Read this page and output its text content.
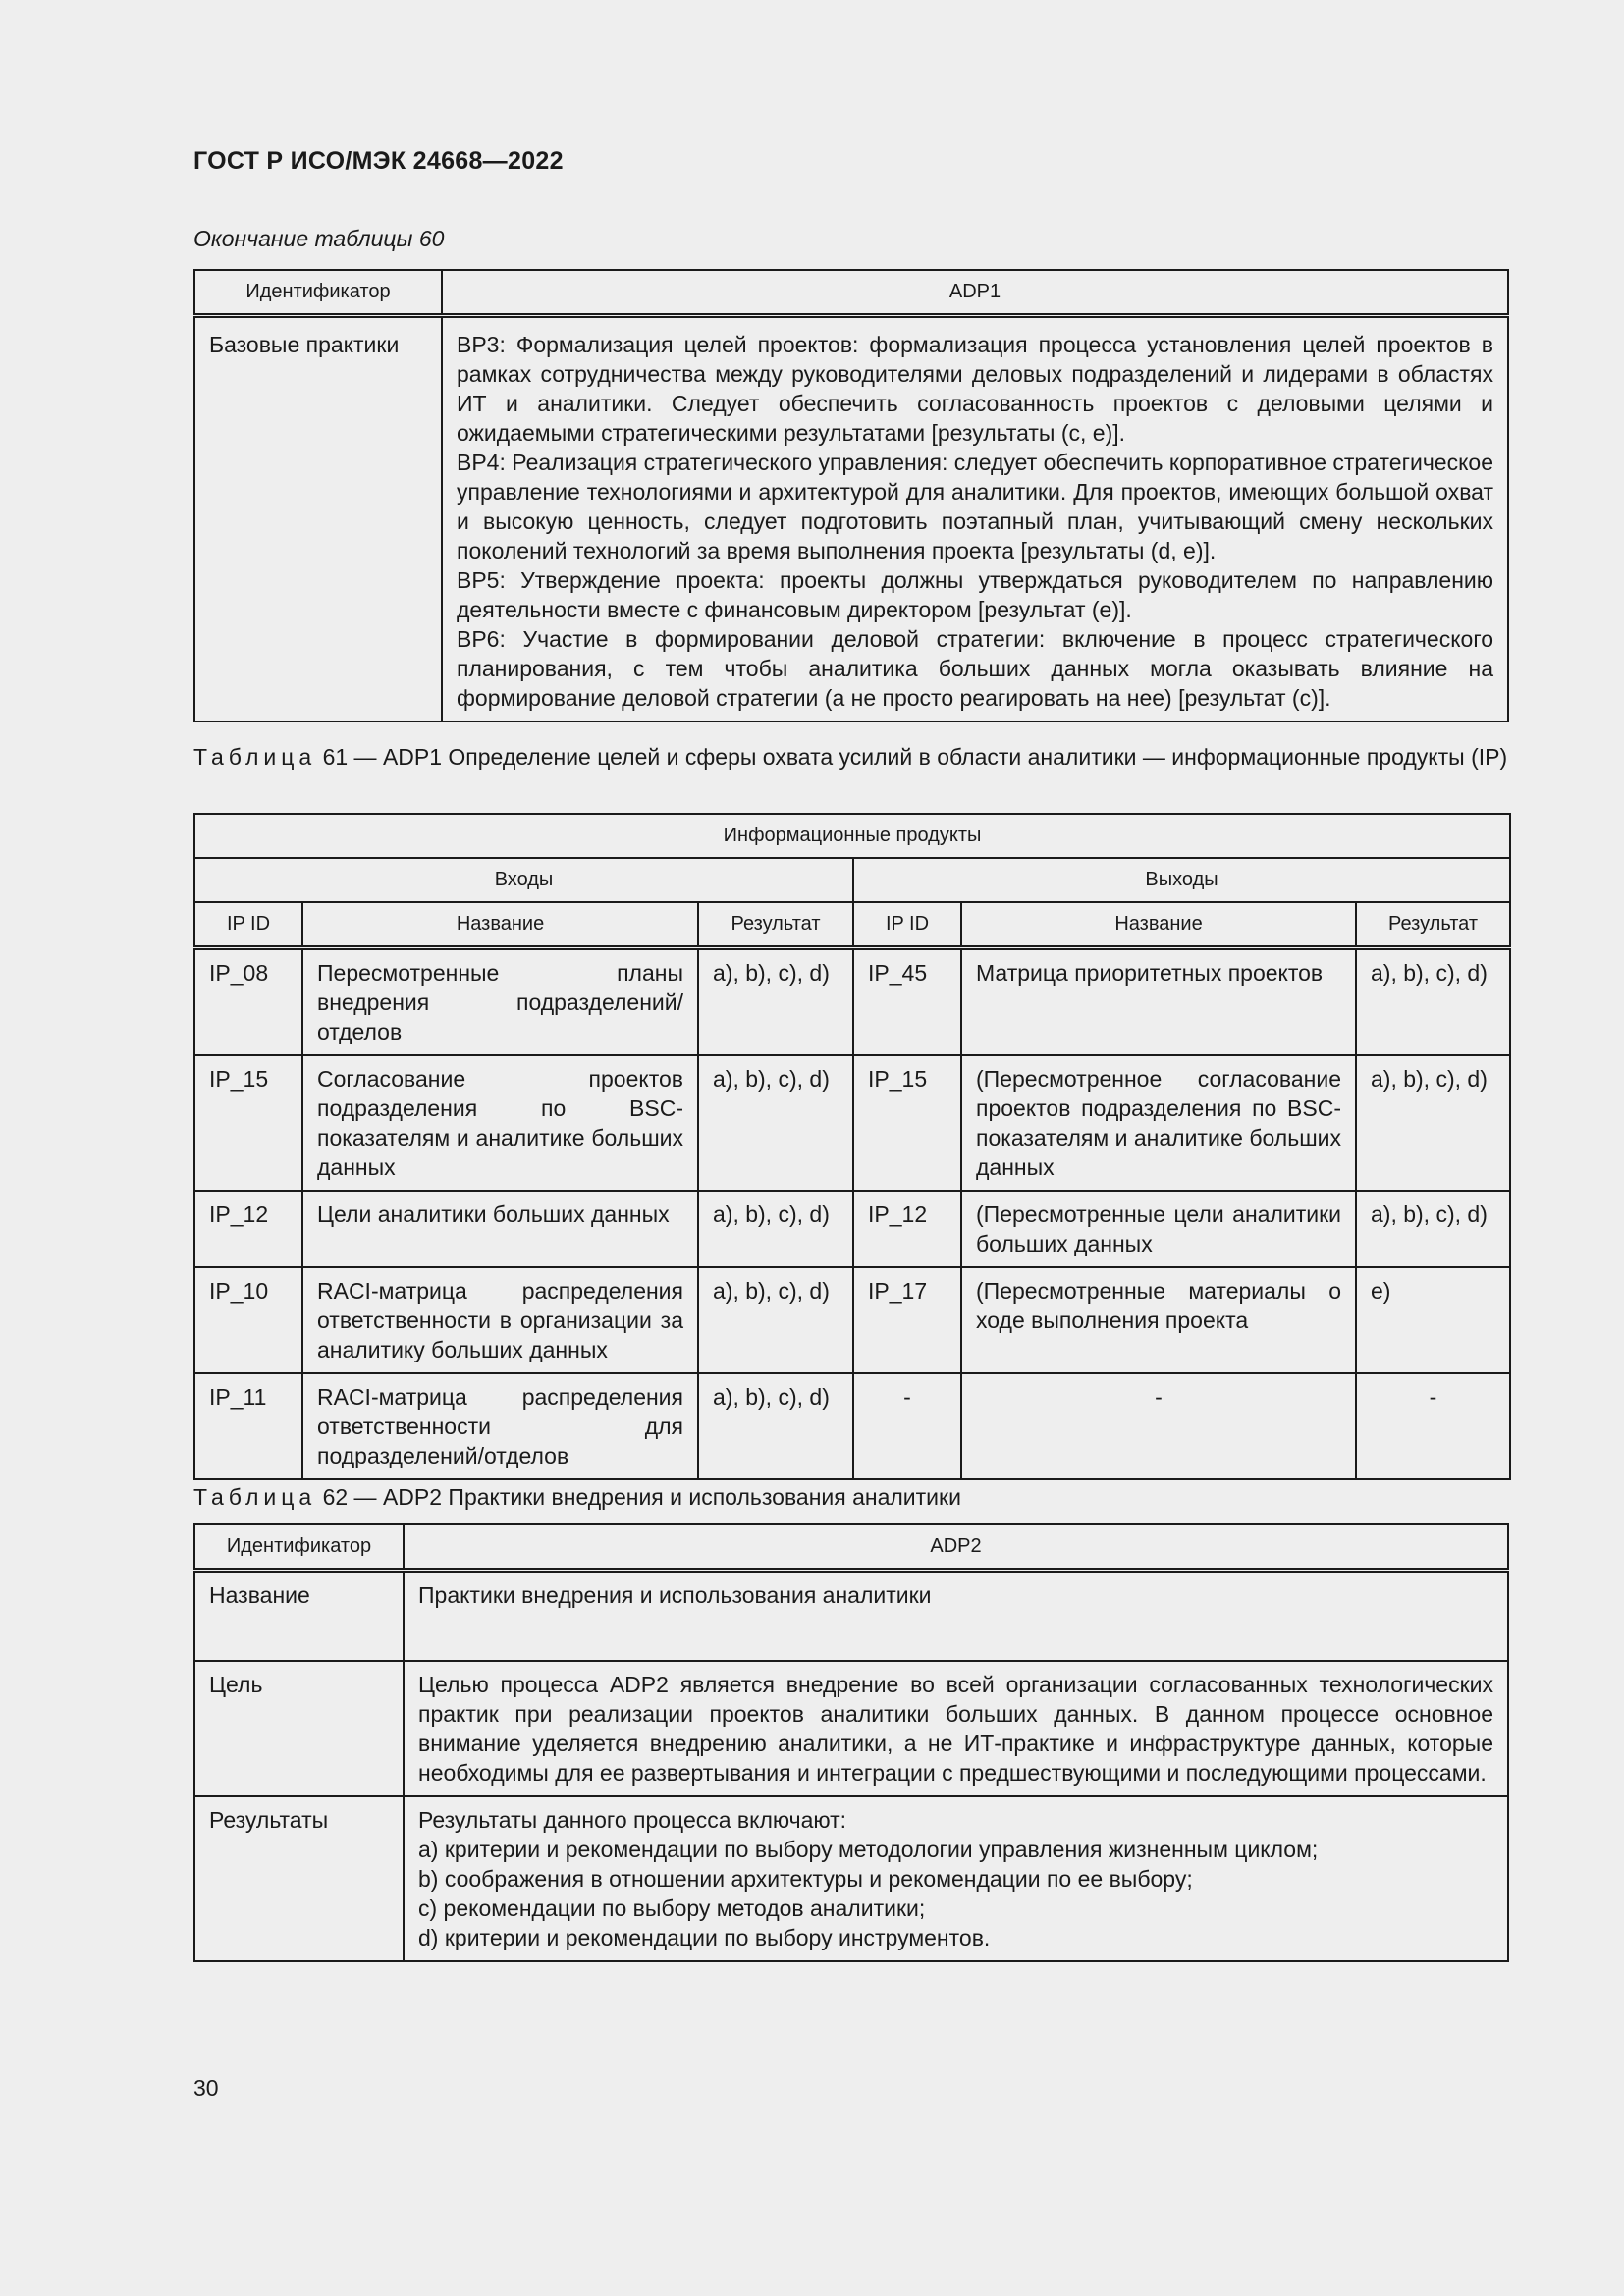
ГОСТ Р ИСО/МЭК 24668—2022
Окончание таблицы 60
Идентификатор	ADP1
Базовые практики	BP3: Формализация целей проектов: формализация процесса установления целей проектов в рамках сотрудничества между руководителями деловых подразделений и лидерами в областях ИТ и аналитики. Следует обеспечить согласованность проектов с деловыми целями и ожидаемыми стратегическими результатами [результаты (c, e)].
BP4: Реализация стратегического управления: следует обеспечить корпоративное стратегическое управление технологиями и архитектурой для аналитики. Для проектов, имеющих большой охват и высокую ценность, следует подготовить поэтапный план, учитывающий смену нескольких поколений технологий за время выполнения проекта [результаты (d, e)].
BP5: Утверждение проекта: проекты должны утверждаться руководителем по направлению деятельности вместе с финансовым директором [результат (e)].
BP6: Участие в формировании деловой стратегии: включение в процесс стратегического планирования, с тем чтобы аналитика больших данных могла оказывать влияние на формирование деловой стратегии (а не просто реагировать на нее) [результат (c)].
Таблица 61 — ADP1 Определение целей и сферы охвата усилий в области аналитики — информационные продукты (IP)
Информационные продукты					
Входы			Выходы		
IP ID	Название	Результат	IP ID	Название	Результат
IP_08	Пересмотренные планы внедрения подразделений/отделов	a), b), c), d)	IP_45	Матрица приоритетных проектов	a), b), c), d)
IP_15	Согласование проектов подразделения по BSC-показателям и аналитике больших данных	a), b), c), d)	IP_15	(Пересмотренное согласование проектов подразделения по BSC-показателям и аналитике больших данных	a), b), c), d)
IP_12	Цели аналитики больших данных	a), b), c), d)	IP_12	(Пересмотренные цели аналитики больших данных	a), b), c), d)
IP_10	RACI-матрица распределения ответственности в организации за аналитику больших данных	a), b), c), d)	IP_17	(Пересмотренные материалы о ходе выполнения проекта	e)
IP_11	RACI-матрица распределения ответственности для подразделений/отделов	a), b), c), d)	-	-	-
Таблица 62 — ADP2 Практики внедрения и использования аналитики
Идентификатор	ADP2
Название	Практики внедрения и использования аналитики
Цель	Целью процесса ADP2 является внедрение во всей организации согласованных технологических практик при реализации проектов аналитики больших данных. В данном процессе основное внимание уделяется внедрению аналитики, а не ИТ-практике и инфраструктуре данных, которые необходимы для ее развертывания и интеграции с предшествующими и последующими процессами.
Результаты	Результаты данного процесса включают:
a) критерии и рекомендации по выбору методологии управления жизненным циклом;
b) соображения в отношении архитектуры и рекомендации по ее выбору;
c) рекомендации по выбору методов аналитики;
d) критерии и рекомендации по выбору инструментов.
30
